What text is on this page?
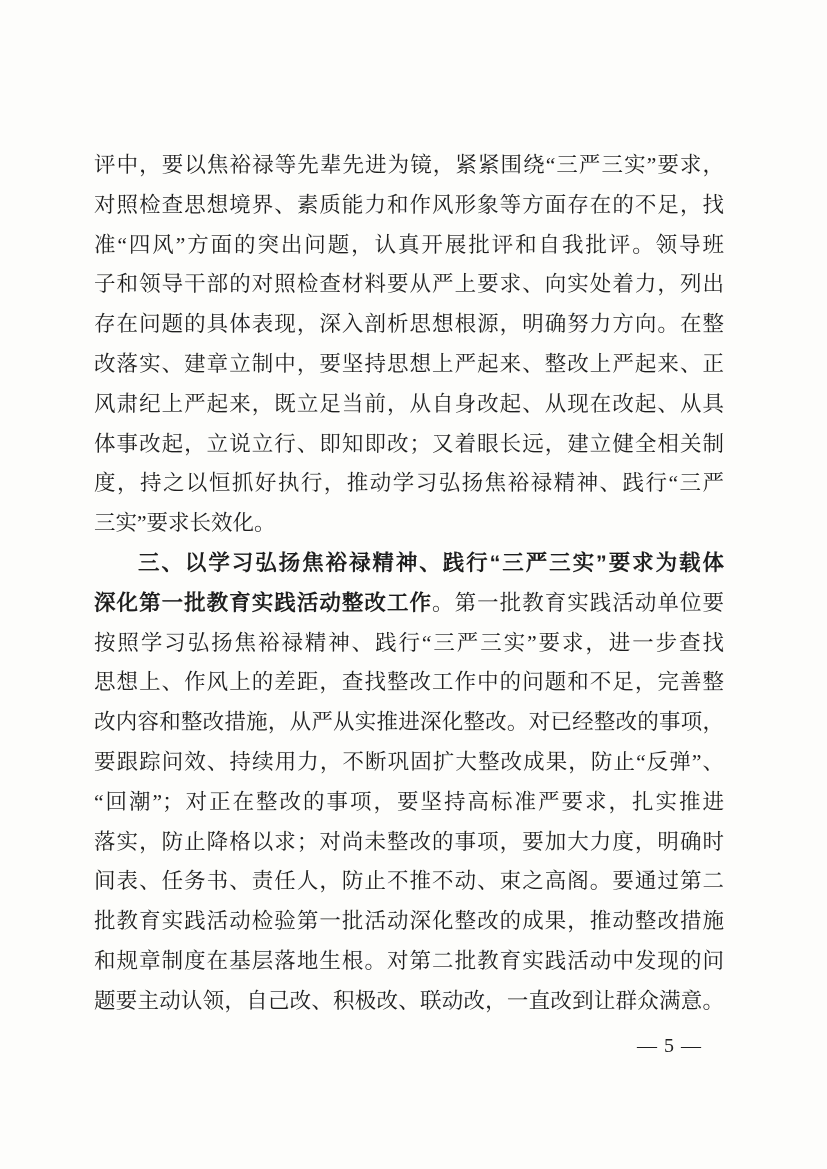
评中，要以焦裕禄等先辈先进为镜，紧紧围绕“三严三实”要求，
对照检查思想境界、素质能力和作风形象等方面存在的不足，找
准“四风”方面的突出问题，认真开展批评和自我批评。领导班
子和领导干部的对照检查材料要从严上要求、向实处着力，列出
存在问题的具体表现，深入剖析思想根源，明确努力方向。在整
改落实、建章立制中，要坚持思想上严起来、整改上严起来、正
风肃纪上严起来，既立足当前，从自身改起、从现在改起、从具
体事改起，立说立行、即知即改；又着眼长远，建立健全相关制
度，持之以恒抓好执行，推动学习弘扬焦裕禄精神、践行“三严
三实”要求长效化。
三、以学习弘扬焦裕禄精神、践行“三严三实”要求为载体
深化第一批教育实践活动整改工作。第一批教育实践活动单位要
按照学习弘扬焦裕禄精神、践行“三严三实”要求，进一步查找
思想上、作风上的差距，查找整改工作中的问题和不足，完善整
改内容和整改措施，从严从实推进深化整改。对已经整改的事项，
要跟踪问效、持续用力，不断巩固扩大整改成果，防止“反弹”、
“回潮”；对正在整改的事项，要坚持高标准严要求，扎实推进
落实，防止降格以求；对尚未整改的事项，要加大力度，明确时
间表、任务书、责任人，防止不推不动、束之高阁。要通过第二
批教育实践活动检验第一批活动深化整改的成果，推动整改措施
和规章制度在基层落地生根。对第二批教育实践活动中发现的问
题要主动认领，自己改、积极改、联动改，一直改到让群众满意。
— 5 —
